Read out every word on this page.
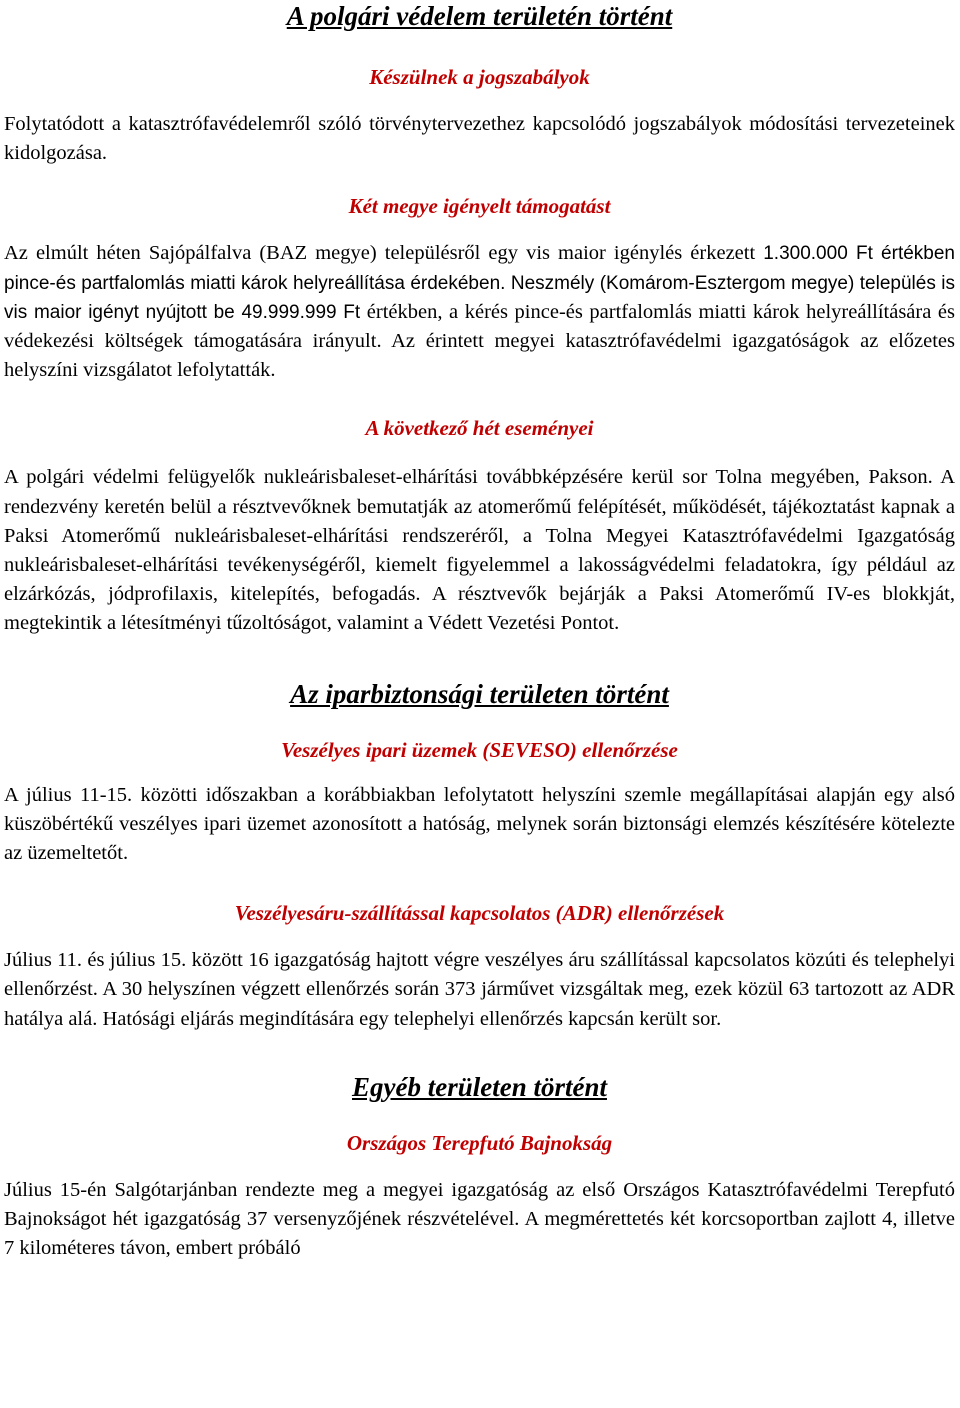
A polgári védelem területén történt
Készülnek a jogszabályok

Folytatódott a katasztrófavédelemről szóló törvénytervezethez kapcsolódó jogszabályok módosítási tervezeteinek kidolgozása.

Két megye igényelt támogatást
Az elmúlt héten Sajópálfalva (BAZ megye) településről egy vis maior igénylés érkezett 1.300.000 Ft értékben pince-és partfalomlás miatti károk helyreállítása érdekében. Neszmély (Komárom-Esztergom megye) település is vis maior igényt nyújtott be 49.999.999 Ft értékben, a kérés pince-és partfalomlás miatti károk helyreállítására és védekezési költségek támogatására irányult. Az érintett megyei katasztrófavédelmi igazgatóságok az előzetes helyszíni vizsgálatot lefolytatták.
A következő hét eseményei

A polgári védelmi felügyelők nukleárisbaleset-elhárítási továbbképzésére kerül sor Tolna megyében, Pakson. A rendezvény keretén belül a résztvevőknek bemutatják az atomerőmű felépítését, működését, tájékoztatást kapnak a Paksi Atomerőmű nukleárisbaleset-elhárítási rendszeréről, a Tolna Megyei Katasztrófavédelmi Igazgatóság nukleárisbaleset-elhárítási tevékenységéről, kiemelt figyelemmel a lakosságvédelmi feladatokra, így például az elzárkózás, jódprofilaxis, kitelepítés, befogadás. A résztvevők bejárják a Paksi Atomerőmű IV-es blokkját, megtekintik a létesítményi tűzoltóságot, valamint a Védett Vezetési Pontot.

Az iparbiztonsági területen történt
Veszélyes ipari üzemek (SEVESO) ellenőrzése

A július 11-15. közötti időszakban a korábbiakban lefolytatott helyszíni szemle megállapításai alapján egy alsó küszöbértékű veszélyes ipari üzemet azonosított a hatóság, melynek során biztonsági elemzés készítésére kötelezte az üzemeltetőt.

Veszélyesáru-szállítással kapcsolatos (ADR) ellenőrzések

Július 11. és július 15. között 16 igazgatóság hajtott végre veszélyes áru szállítással kapcsolatos közúti és telephelyi ellenőrzést. A 30 helyszínen végzett ellenőrzés során 373 járművet vizsgáltak meg, ezek közül 63 tartozott az ADR hatálya alá. Hatósági eljárás megindítására egy telephelyi ellenőrzés kapcsán került sor.

Egyéb területen történt
Országos Terepfutó Bajnokság

Július 15-én Salgótarjánban rendezte meg a megyei igazgatóság az első Országos Katasztrófavédelmi Terepfutó Bajnokságot hét igazgatóság 37 versenyzőjének részvételével. A megmérettetés két korcsoportban zajlott 4, illetve 7 kilométeres távon, embert próbáló
